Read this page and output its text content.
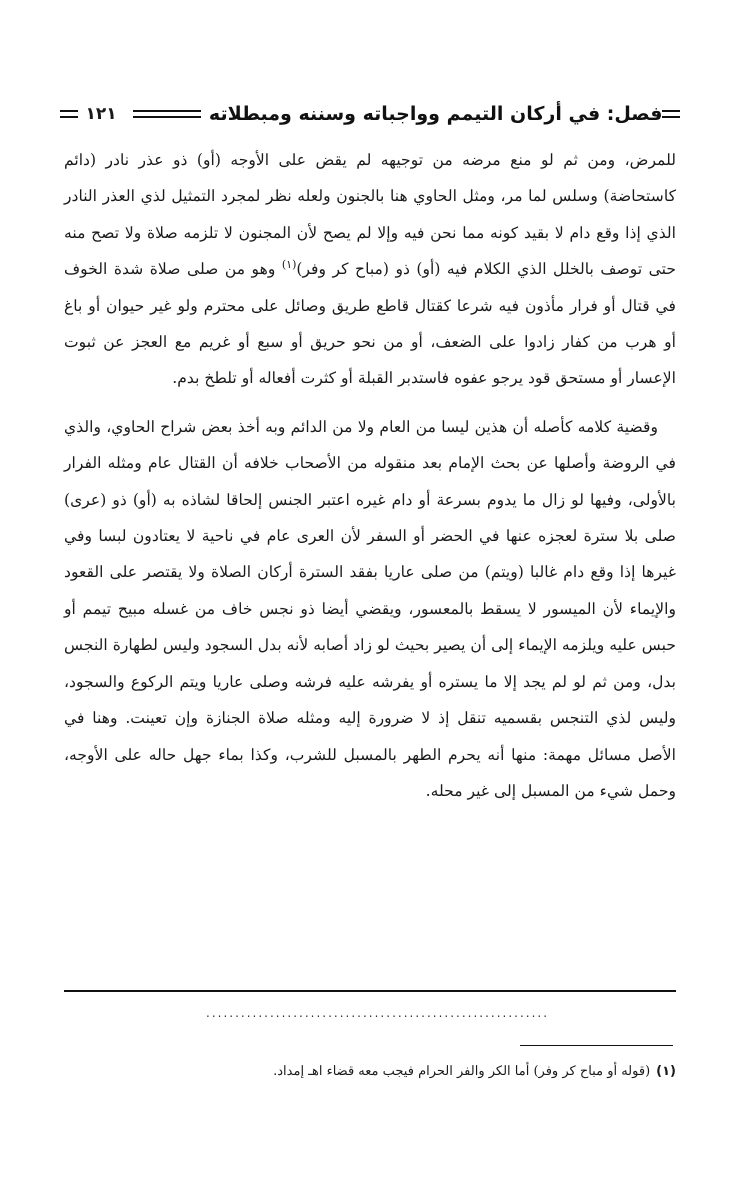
فصل: في أركان التيمم وواجباته وسننه ومبطلاته
١٢١

للمرض، ومن ثم لو منع مرضه من توجيهه لم يقض على الأوجه (أو) ذو عذر نادر (دائم كاستحاضة) وسلس لما مر، ومثل الحاوي هنا بالجنون ولعله نظر لمجرد التمثيل لذي العذر النادر الذي إذا وقع دام لا بقيد كونه مما نحن فيه وإلا لم يصح لأن المجنون لا تلزمه صلاة ولا تصح منه حتى توصف بالخلل الذي الكلام فيه (أو) ذو (مباح كر وفر)$^{(١)}$ وهو من صلى صلاة شدة الخوف في قتال أو فرار مأذون فيه شرعا كقتال قاطع طريق وصائل على محترم ولو غير حيوان أو باغ أو هرب من كفار زادوا على الضعف، أو من نحو حريق أو سبع أو غريم مع العجز عن ثبوت الإعسار أو مستحق قود يرجو عفوه فاستدبر القبلة أو كثرت أفعاله أو تلطخ بدم.

وقضية كلامه كأصله أن هذين ليسا من العام ولا من الدائم وبه أخذ بعض شراح الحاوي، والذي في الروضة وأصلها عن بحث الإمام بعد منقوله من الأصحاب خلافه أن القتال عام ومثله الفرار بالأولى، وفيها لو زال ما يدوم بسرعة أو دام غيره اعتبر الجنس إلحاقا لشاذه به (أو) ذو (عرى) صلى بلا سترة لعجزه عنها في الحضر أو السفر لأن العرى عام في ناحية لا يعتادون لبسا وفي غيرها إذا وقع دام غالبا (ويتم) من صلى عاريا بفقد السترة أركان الصلاة ولا يقتصر على القعود والإيماء لأن الميسور لا يسقط بالمعسور، ويقضي أيضا ذو نجس خاف من غسله مبيح تيمم أو حبس عليه ويلزمه الإيماء إلى أن يصير بحيث لو زاد أصابه لأنه بدل السجود وليس لطهارة النجس بدل، ومن ثم لو لم يجد إلا ما يستره أو يفرشه عليه فرشه وصلى عاريا ويتم الركوع والسجود، وليس لذي التنجس بقسميه تنقل إذ لا ضرورة إليه ومثله صلاة الجنازة وإن تعينت. وهنا في الأصل مسائل مهمة: منها أنه يحرم الطهر بالمسبل للشرب، وكذا بماء جهل حاله على الأوجه، وحمل شيء من المسبل إلى غير محله.

...........................................................
(١)(قوله أو مباح كر وفر) أما الكر والفر الحرام فيجب معه قضاء اهـ إمداد.
